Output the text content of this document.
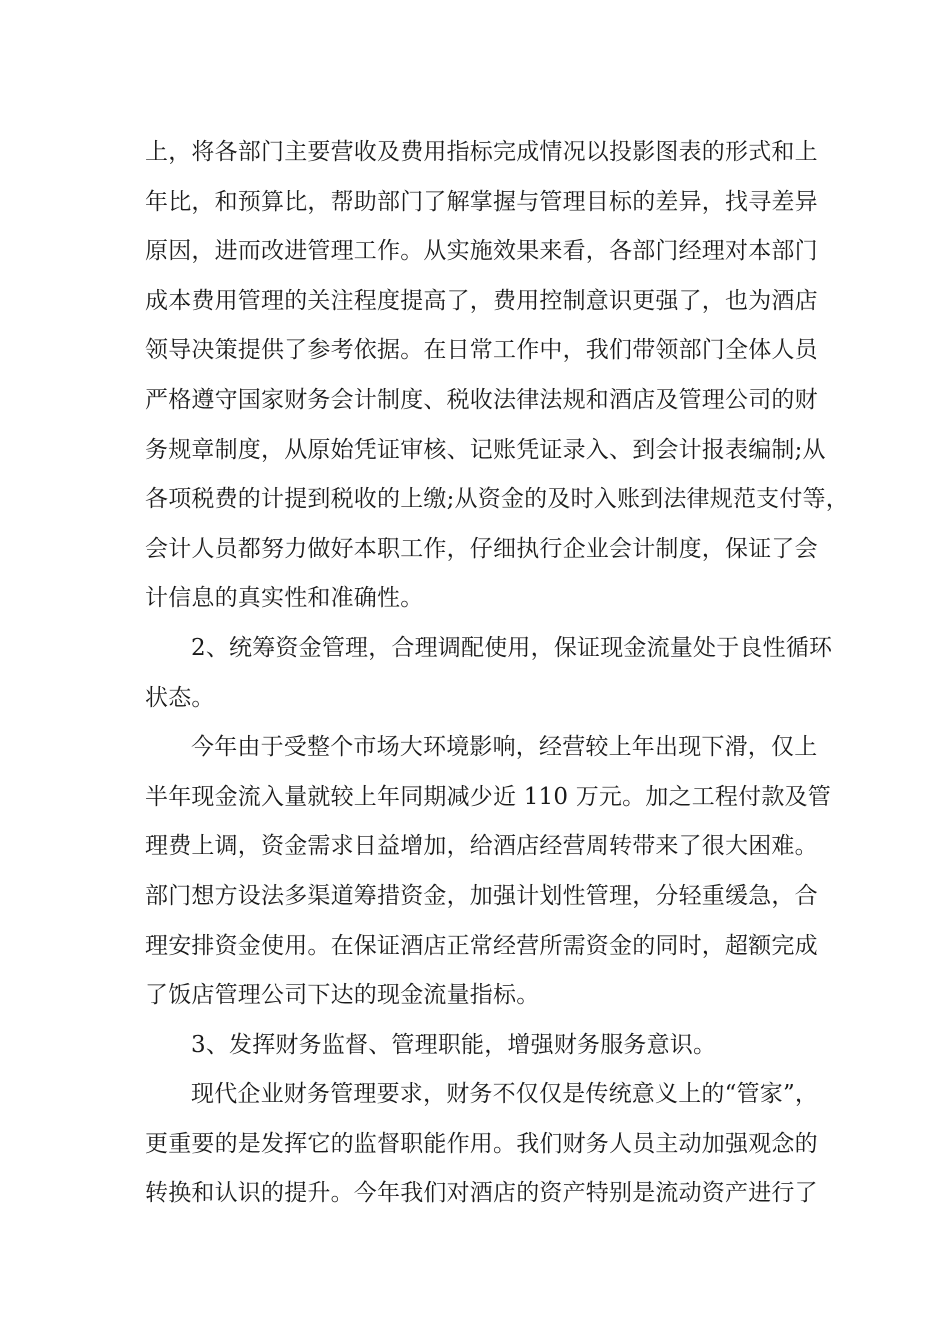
上，将各部门主要营收及费用指标完成情况以投影图表的形式和上
年比，和预算比，帮助部门了解掌握与管理目标的差异，找寻差异
原因，进而改进管理工作。从实施效果来看，各部门经理对本部门
成本费用管理的关注程度提高了，费用控制意识更强了，也为酒店
领导决策提供了参考依据。在日常工作中，我们带领部门全体人员
严格遵守国家财务会计制度、税收法律法规和酒店及管理公司的财
务规章制度，从原始凭证审核、记账凭证录入、到会计报表编制;从
各项税费的计提到税收的上缴;从资金的及时入账到法律规范支付等，
会计人员都努力做好本职工作，仔细执行企业会计制度，保证了会
计信息的真实性和准确性。
2、统筹资金管理，合理调配使用，保证现金流量处于良性循环
状态。
今年由于受整个市场大环境影响，经营较上年出现下滑，仅上
半年现金流入量就较上年同期减少近 110 万元。加之工程付款及管
理费上调，资金需求日益增加，给酒店经营周转带来了很大困难。
部门想方设法多渠道筹措资金，加强计划性管理，分轻重缓急，合
理安排资金使用。在保证酒店正常经营所需资金的同时，超额完成
了饭店管理公司下达的现金流量指标。
3、发挥财务监督、管理职能，增强财务服务意识。
现代企业财务管理要求，财务不仅仅是传统意义上的“管家”，
更重要的是发挥它的监督职能作用。我们财务人员主动加强观念的
转换和认识的提升。今年我们对酒店的资产特别是流动资产进行了
